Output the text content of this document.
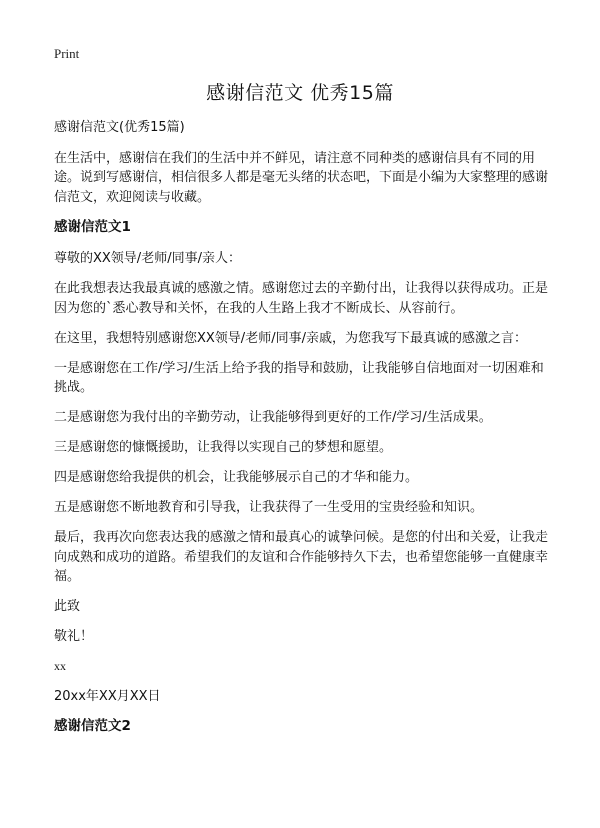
Print
感谢信范文 优秀15篇

感谢信范文(优秀15篇)

在生活中，感谢信在我们的生活中并不鲜见，请注意不同种类的感谢信具有不同的用途。说到写感谢信，相信很多人都是毫无头绪的状态吧，下面是小编为大家整理的感谢信范文，欢迎阅读与收藏。

感谢信范文1

尊敬的XX领导/老师/同事/亲人：

在此我想表达我最真诚的感激之情。感谢您过去的辛勤付出，让我得以获得成功。正是因为您的`悉心教导和关怀，在我的人生路上我才不断成长、从容前行。

在这里，我想特别感谢您XX领导/老师/同事/亲戚，为您我写下最真诚的感激之言：

一是感谢您在工作/学习/生活上给予我的指导和鼓励，让我能够自信地面对一切困难和挑战。

二是感谢您为我付出的辛勤劳动，让我能够得到更好的工作/学习/生活成果。

三是感谢您的慷慨援助，让我得以实现自己的梦想和愿望。

四是感谢您给我提供的机会，让我能够展示自己的才华和能力。

五是感谢您不断地教育和引导我，让我获得了一生受用的宝贵经验和知识。

最后，我再次向您表达我的感激之情和最真心的诚挚问候。是您的付出和关爱，让我走向成熟和成功的道路。希望我们的友谊和合作能够持久下去，也希望您能够一直健康幸福。

此致

敬礼！

xx

20xx年XX月XX日

感谢信范文2
